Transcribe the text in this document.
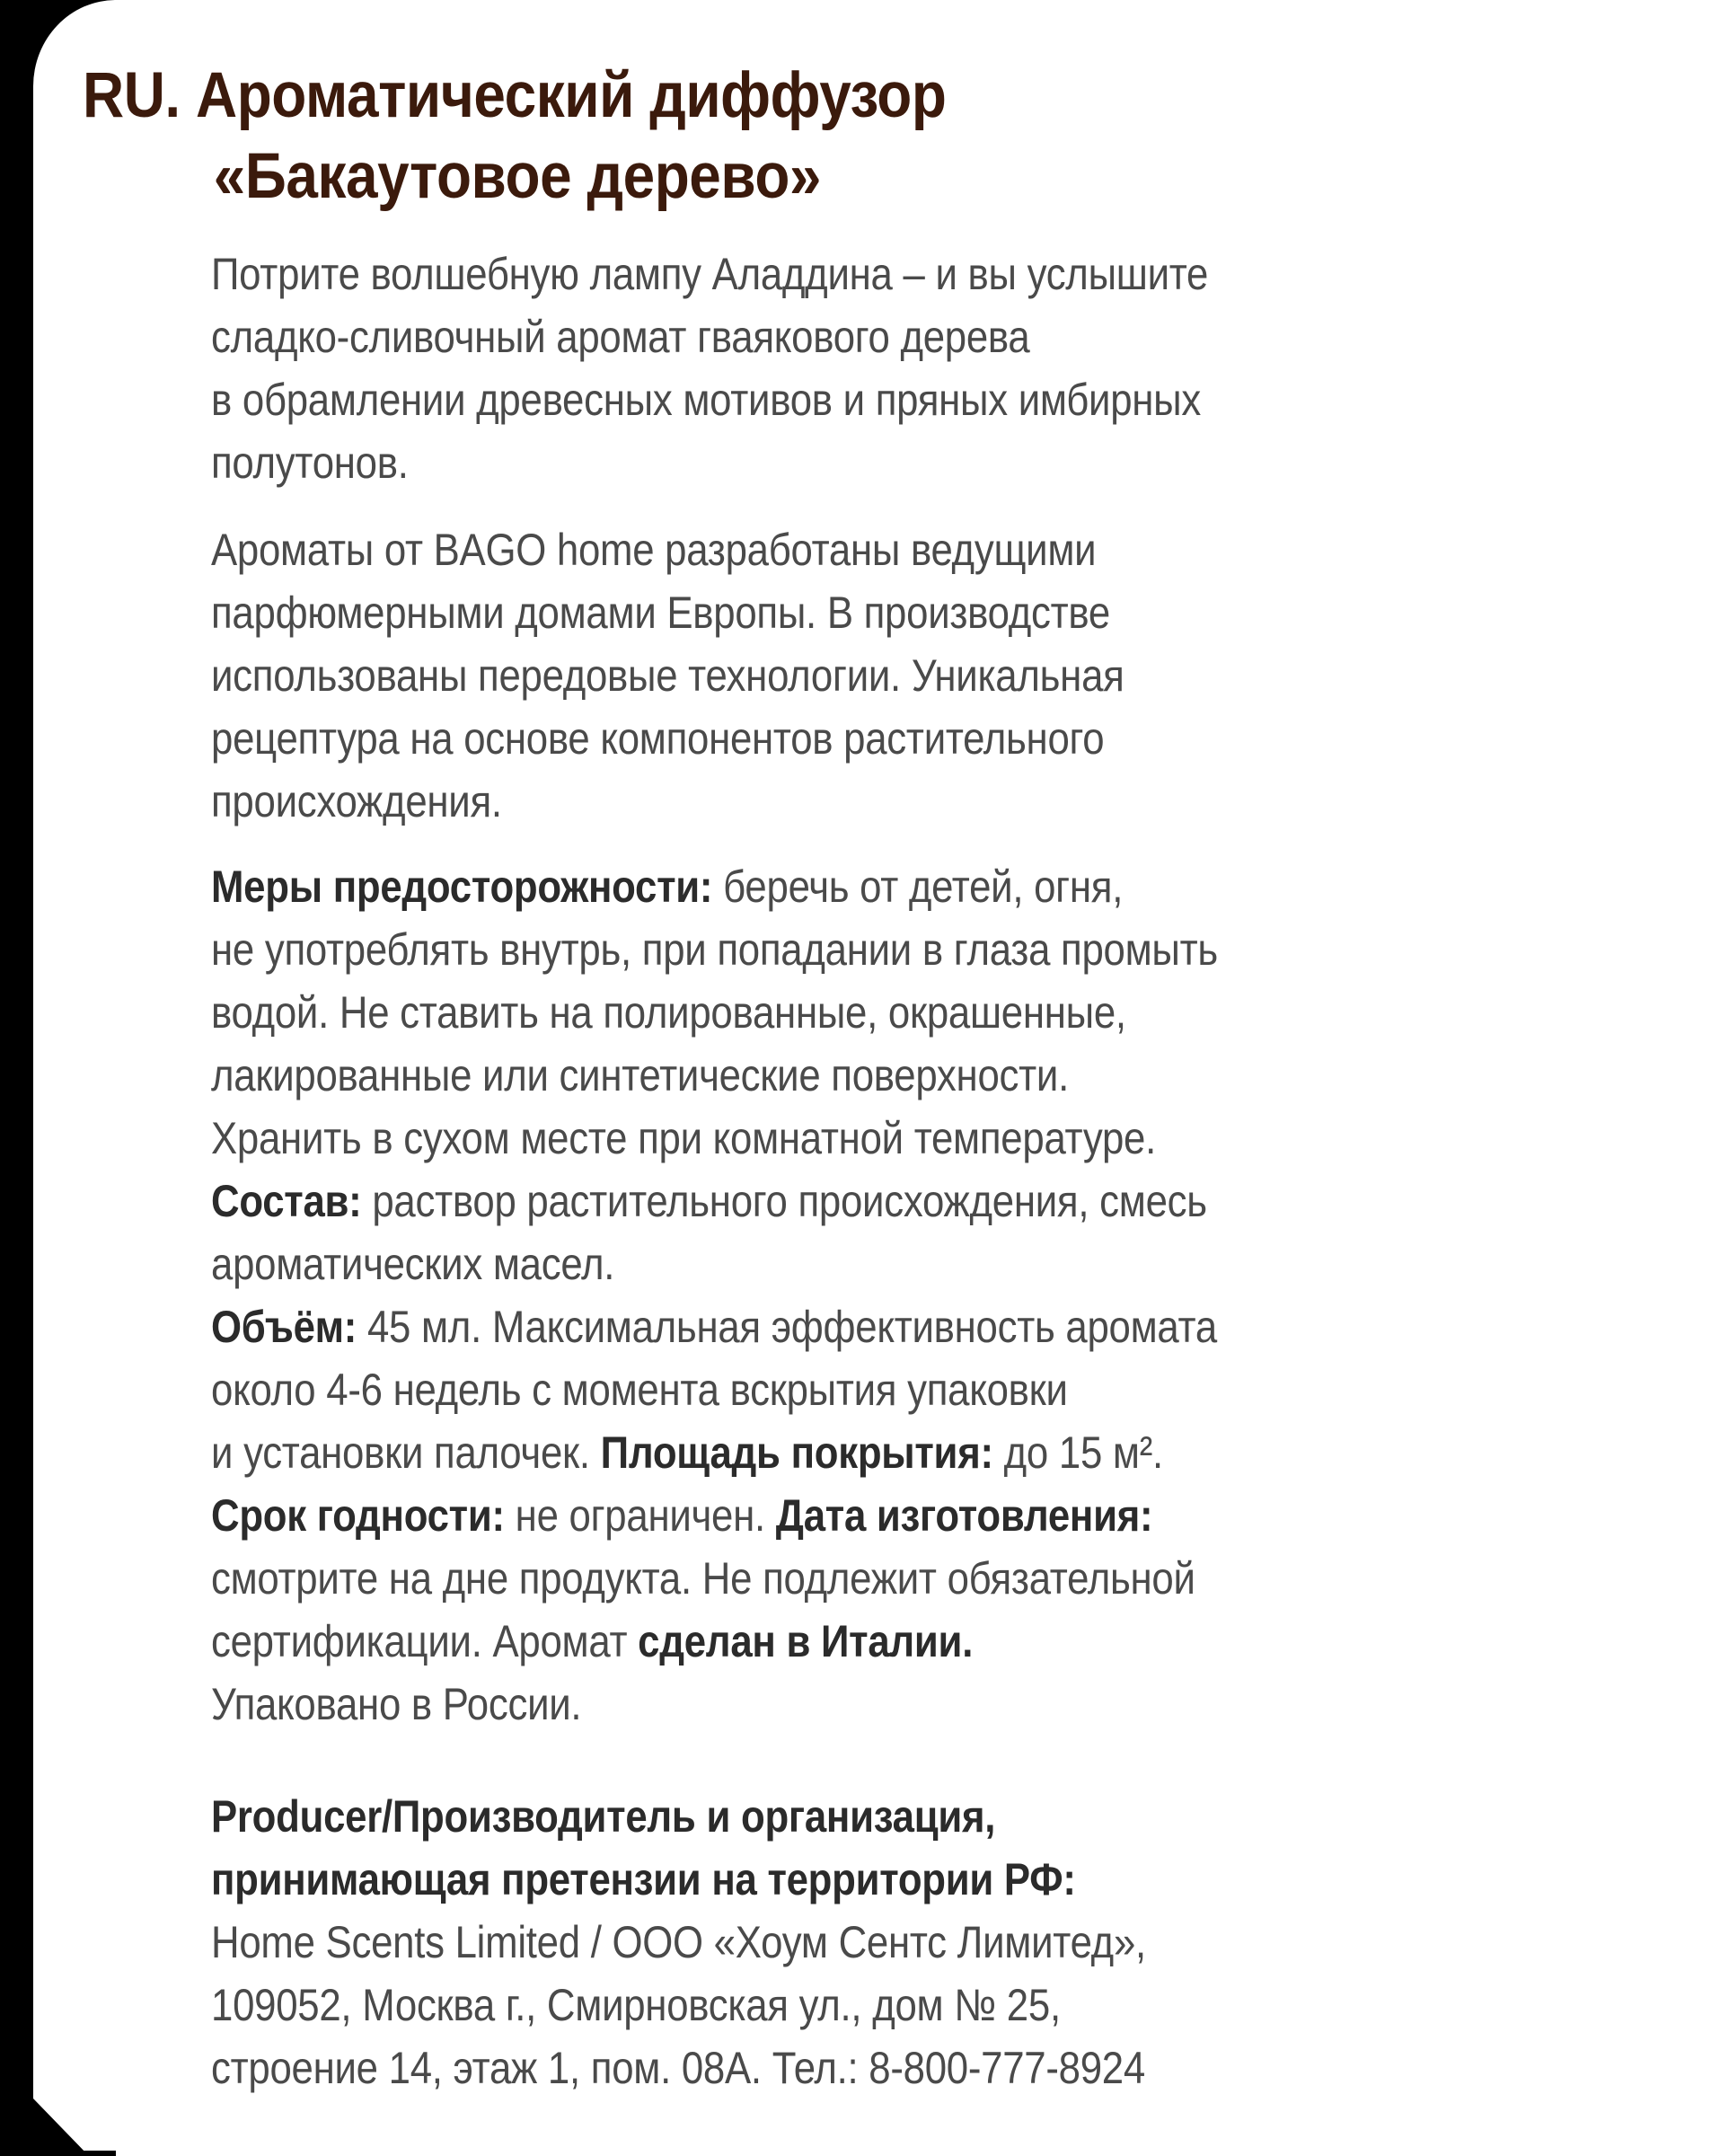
RU. Ароматический диффузор
«Бакаутовое дерево»
Потрите волшебную лампу Аладдина – и вы услышите
сладко-сливочный аромат гваякового дерева
в обрамлении древесных мотивов и пряных имбирных
полутонов.
Ароматы от BAGO home разработаны ведущими
парфюмерными домами Европы. В производстве
использованы передовые технологии. Уникальная
рецептура на основе компонентов растительного
происхождения.
Меры предосторожности: беречь от детей, огня,
не употреблять внутрь, при попадании в глаза промыть
водой. Не ставить на полированные, окрашенные,
лакированные или синтетические поверхности.
Хранить в сухом месте при комнатной температуре.
Состав: раствор растительного происхождения, смесь
ароматических масел.
Объём: 45 мл. Максимальная эффективность аромата
около 4-6 недель с момента вскрытия упаковки
и установки палочек. Площадь покрытия: до 15 м².
Срок годности: не ограничен. Дата изготовления:
смотрите на дне продукта. Не подлежит обязательной
сертификации. Аромат сделан в Италии.
Упаковано в России.
Producer/Производитель и организация,
принимающая претензии на территории РФ:
Home Scents Limited / ООО «Хоум Сентс Лимитед»,
109052, Москва г., Смирновская ул., дом № 25,
строение 14, этаж 1, пом. 08А. Тел.: 8-800-777-8924
